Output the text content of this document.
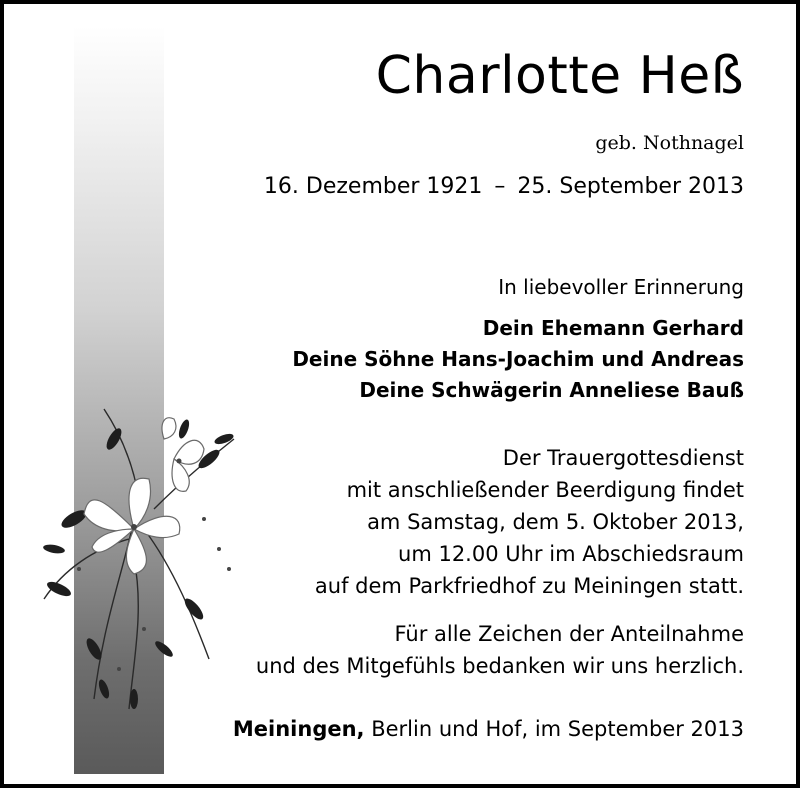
Charlotte Heß
geb. Nothnagel
16. Dezember 1921 – 25. September 2013
In liebevoller Erinnerung
Dein Ehemann Gerhard
Deine Söhne Hans-Joachim und Andreas
Deine Schwägerin Anneliese Bauß
Der Trauergottesdienst
mit anschließender Beerdigung findet
am Samstag, dem 5. Oktober 2013,
um 12.00 Uhr im Abschiedsraum
auf dem Parkfriedhof zu Meiningen statt.
Für alle Zeichen der Anteilnahme
und des Mitgefühls bedanken wir uns herzlich.
Meiningen, Berlin und Hof, im September 2013
